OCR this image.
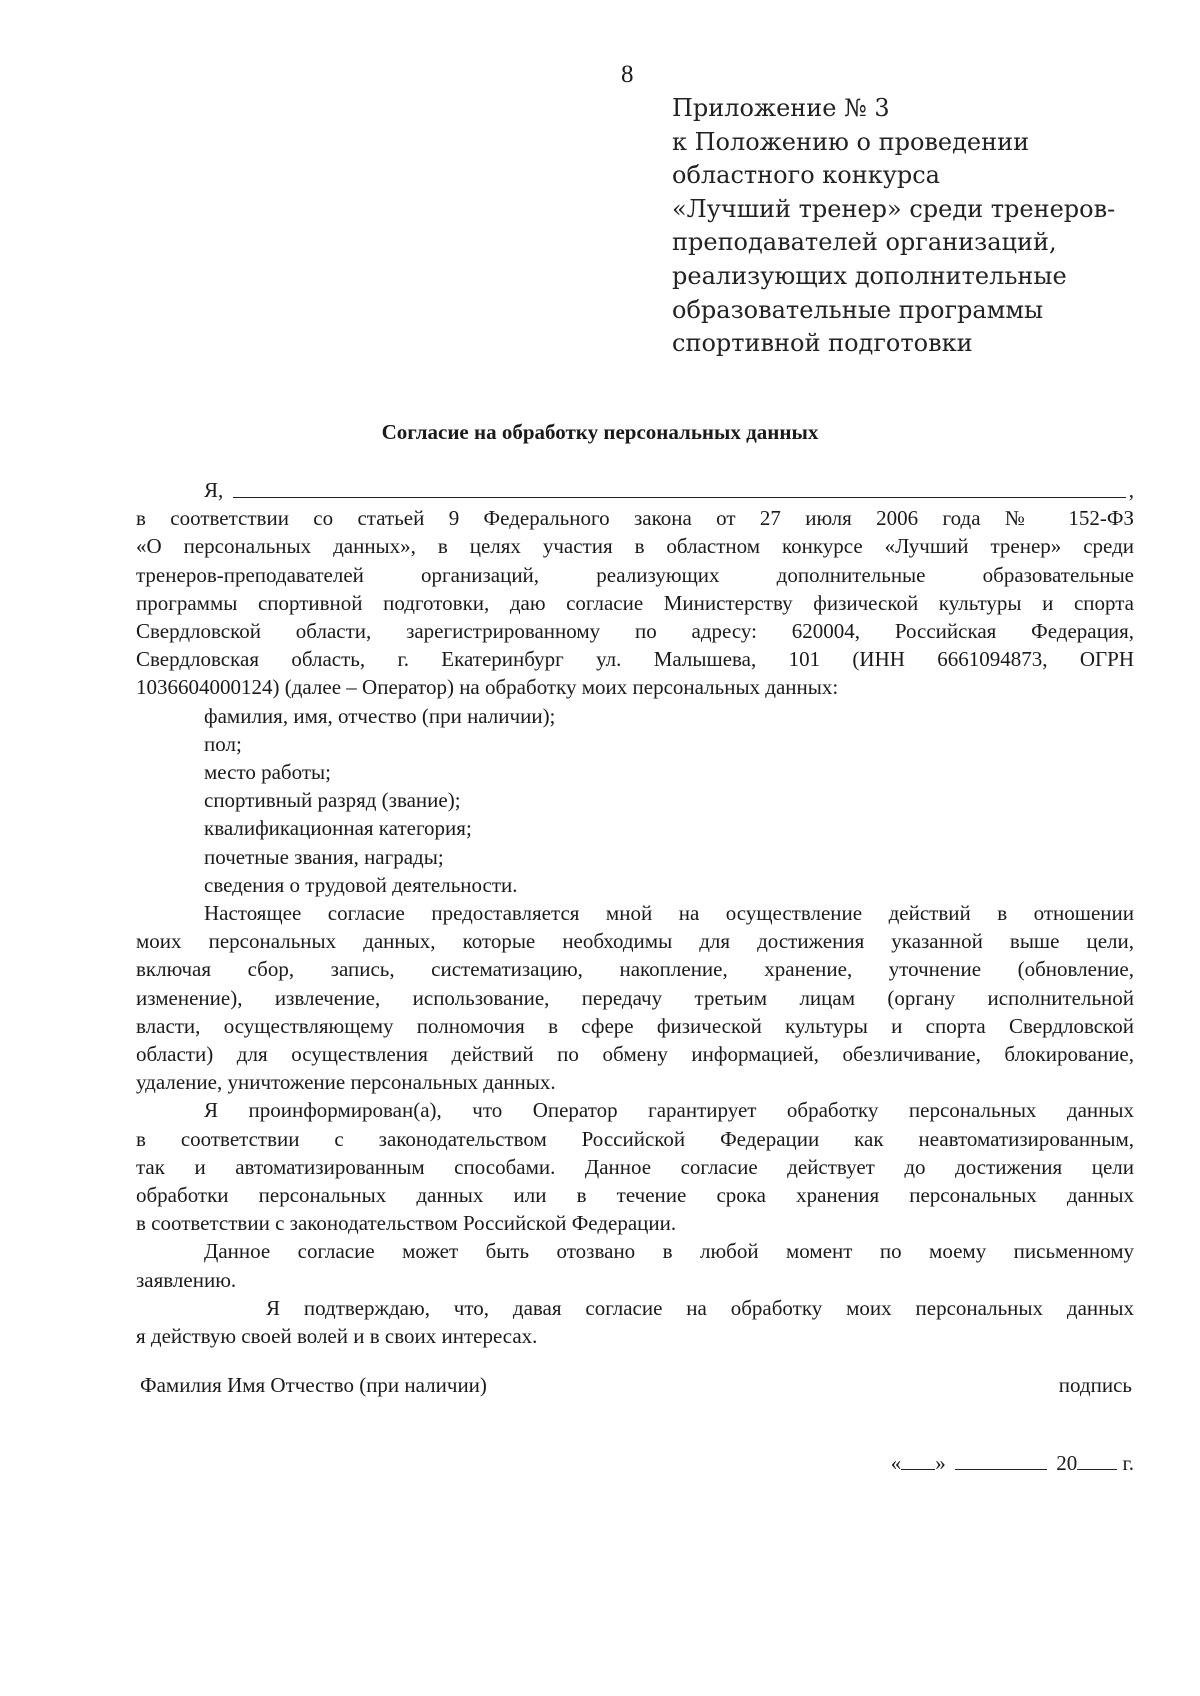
8
Приложение № 3
к Положению о проведении
областного конкурса
«Лучший тренер» среди тренеров-
преподавателей организаций,
реализующих дополнительные
образовательные программы
спортивной подготовки
Согласие на обработку персональных данных
Я,	,
в соответствии со статьей 9 Федерального закона от 27 июля 2006 года № 152-ФЗ
«О персональных данных», в целях участия в областном конкурсе «Лучший тренер» среди
тренеров-преподавателей организаций, реализующих дополнительные образовательные
программы спортивной подготовки, даю согласие Министерству физической культуры и спорта
Свердловской области, зарегистрированному по адресу: 620004, Российская Федерация,
Свердловская область, г. Екатеринбург ул. Малышева, 101 (ИНН 6661094873, ОГРН
1036604000124) (далее – Оператор) на обработку моих персональных данных:
фамилия, имя, отчество (при наличии);
пол;
место работы;
спортивный разряд (звание);
квалификационная категория;
почетные звания, награды;
сведения о трудовой деятельности.
Настоящее согласие предоставляется мной на осуществление действий в отношении
моих персональных данных, которые необходимы для достижения указанной выше цели,
включая сбор, запись, систематизацию, накопление, хранение, уточнение (обновление,
изменение), извлечение, использование, передачу третьим лицам (органу исполнительной
власти, осуществляющему полномочия в сфере физической культуры и спорта Свердловской
области) для осуществления действий по обмену информацией, обезличивание, блокирование,
удаление, уничтожение персональных данных.
Я проинформирован(а), что Оператор гарантирует обработку персональных данных
в соответствии с законодательством Российской Федерации как неавтоматизированным,
так и автоматизированным способами. Данное согласие действует до достижения цели
обработки персональных данных или в течение срока хранения персональных данных
в соответствии с законодательством Российской Федерации.
Данное согласие может быть отозвано в любой момент по моему письменному
заявлению.
Я подтверждаю, что, давая согласие на обработку моих персональных данных
я действую своей волей и в своих интересах.
Фамилия Имя Отчество (при наличии)	подпись
« »	20 г.
